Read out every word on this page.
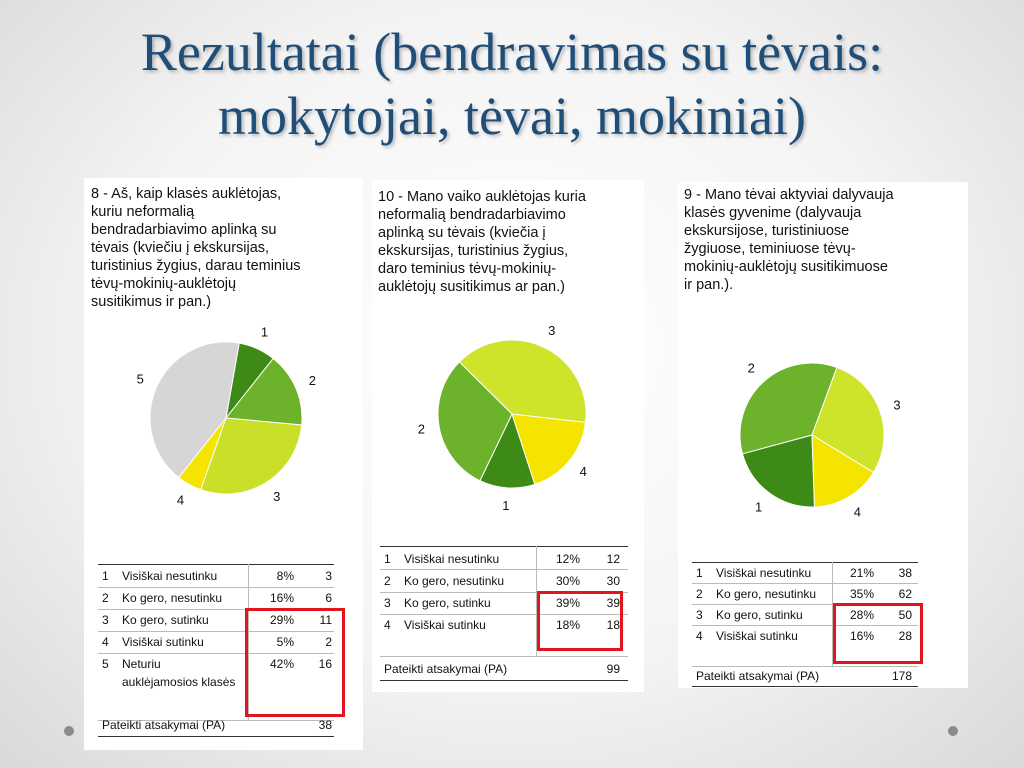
Rezultatai (bendravimas su tėvais:
mokytojai, tėvai, mokiniai)
8 - Aš, kaip klasės auklėtojas,
kuriu neformalią
bendradarbiavimo aplinką su
tėvais (kviečiu į ekskursijas,
turistinius žygius, darau teminius
tėvų-mokinių-auklėtojų
susitikimus ir pan.)
1
2
3
4
5
1 Visiškai nesutinku	8%	3
2 Ko gero, nesutinku	16%	6
3 Ko gero, sutinku	29%	11
4 Visiškai sutinku	5%	2
5 Neturiu	42%	16
auklėjamosios klasės
Pateikti atsakymai (PA)	38
10 - Mano vaiko auklėtojas kuria
neformalią bendradarbiavimo
aplinką su tėvais (kviečia į
ekskursijas, turistinius žygius,
daro teminius tėvų-mokinių-
auklėtojų susitikimus ar pan.)
1
2
3
4
1 Visiškai nesutinku	12%	12
2 Ko gero, nesutinku	30%	30
3 Ko gero, sutinku	39%	39
4 Visiškai sutinku	18%	18
Pateikti atsakymai (PA)	99
9 - Mano tėvai aktyviai dalyvauja
klasės gyvenime (dalyvauja
ekskursijose, turistiniuose
žygiuose, teminiuose tėvų-
mokinių-auklėtojų susitikimuose
ir pan.).
1
2
3
4
1 Visiškai nesutinku	21%	38
2 Ko gero, nesutinku	35%	62
3 Ko gero, sutinku	28%	50
4 Visiškai sutinku	16%	28
Pateikti atsakymai (PA)	178
